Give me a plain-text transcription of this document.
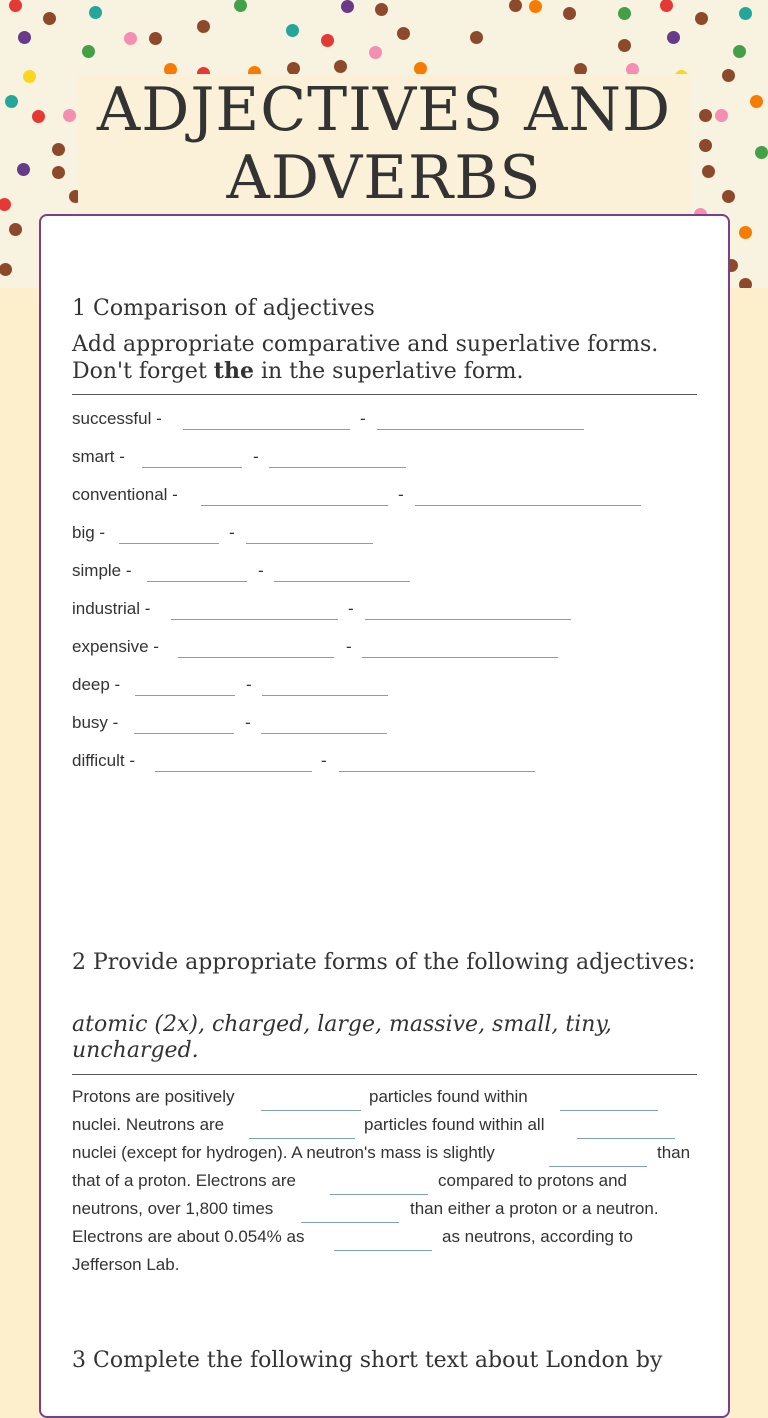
ADJECTIVES AND
ADVERBS
1 Comparison of adjectives

Add appropriate comparative and superlative forms. Don't forget the in the superlative form.

successful -	-
smart -	-
conventional -	-
big -	-
simple -	-
industrial -	-
expensive -	-
deep -	-
busy -	-
difficult -	-
2 Provide appropriate forms of the following adjectives:

atomic (2x), charged, large, massive, small, tiny, uncharged.

Protons are positively	particles found within
nuclei. Neutrons are	particles found within all
nuclei (except for hydrogen). A neutron's mass is slightly	than
that of a proton. Electrons are	compared to protons and
neutrons, over 1,800 times	than either a proton or a neutron.
Electrons are about 0.054% as	as neutrons, according to
Jefferson Lab.
3 Complete the following short text about London by
